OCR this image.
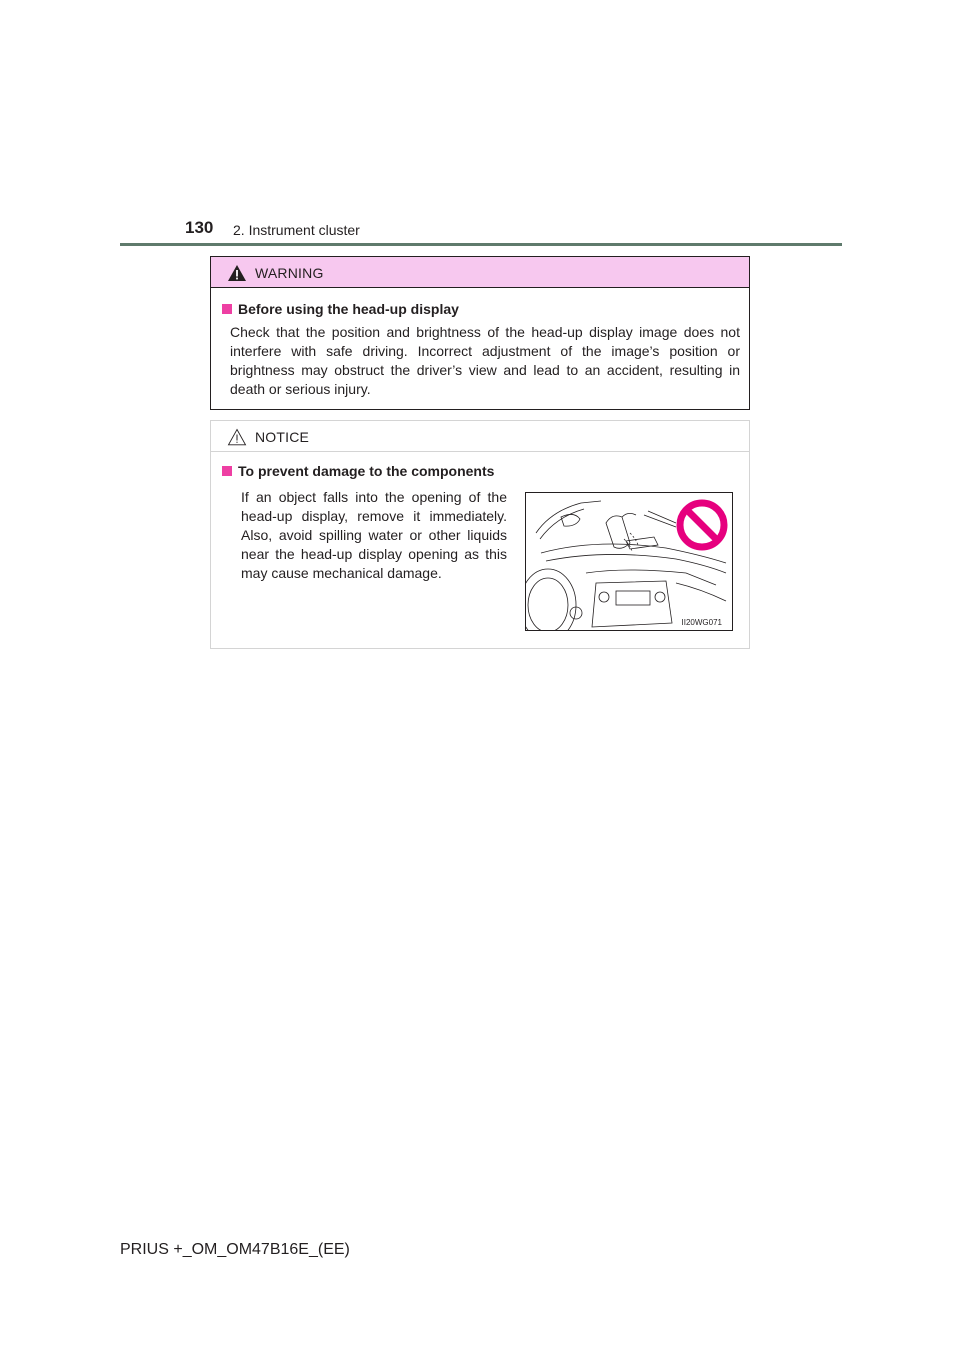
130 2. Instrument cluster
WARNING
Before using the head-up display
Check that the position and brightness of the head-up display image does not interfere with safe driving. Incorrect adjustment of the image’s position or brightness may obstruct the driver’s view and lead to an accident, resulting in death or serious injury.
NOTICE
To prevent damage to the components
If an object falls into the opening of the head-up display, remove it immediately. Also, avoid spilling water or other liquids near the head-up display opening as this may cause mechanical damage.
II20WG071
PRIUS +_OM_OM47B16E_(EE)
